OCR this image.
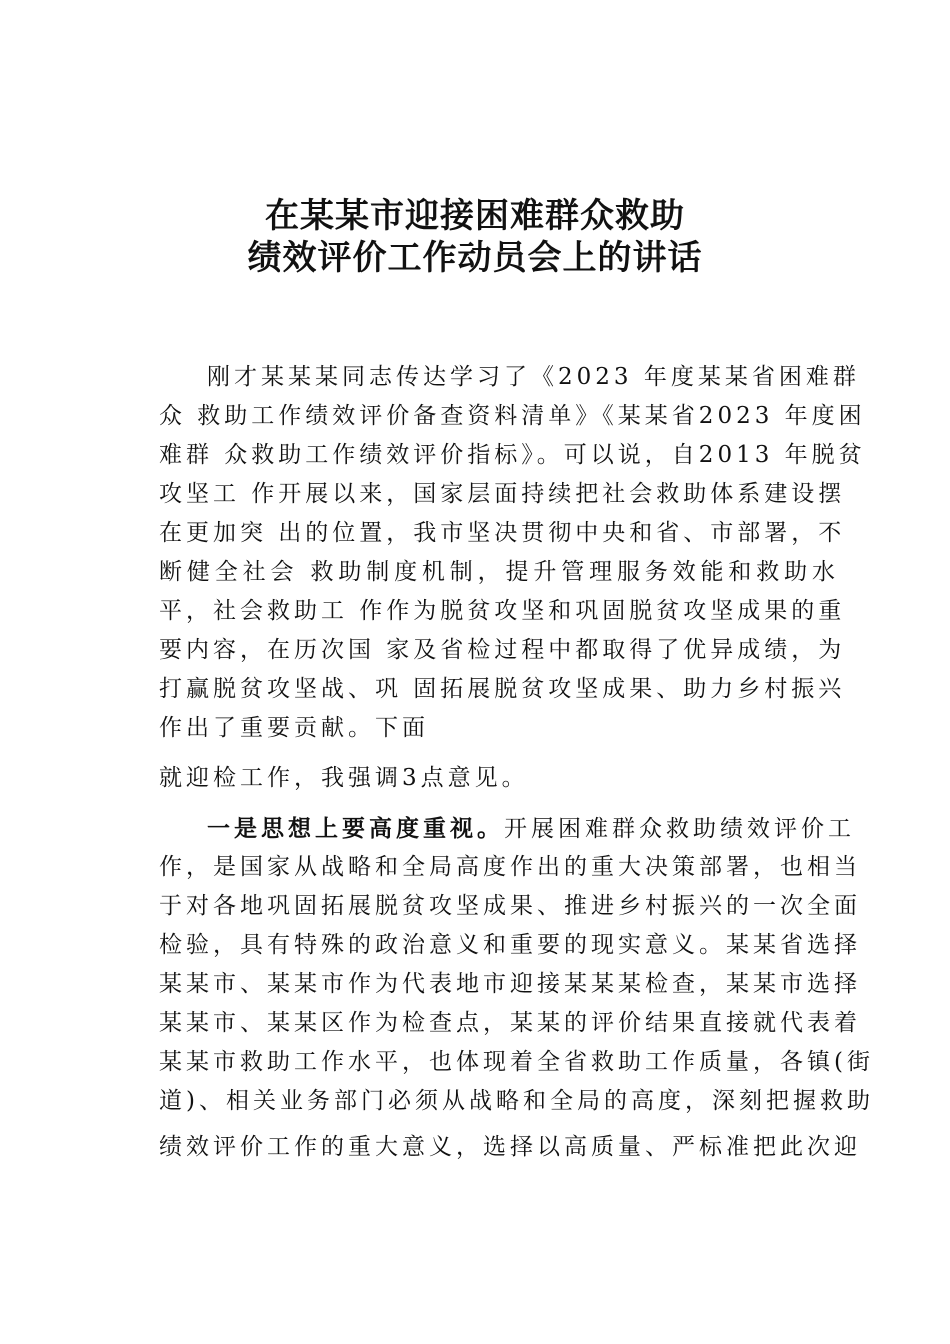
在某某市迎接困难群众救助
绩效评价工作动员会上的讲话
刚才某某某同志传达学习了《2023 年度某某省困难群
众 救助工作绩效评价备查资料清单》《某某省2023 年度困
难群 众救助工作绩效评价指标》。可以说，自2013 年脱贫
攻坚工 作开展以来，国家层面持续把社会救助体系建设摆
在更加突 出的位置，我市坚决贯彻中央和省、市部署，不
断健全社会 救助制度机制，提升管理服务效能和救助水
平，社会救助工 作作为脱贫攻坚和巩固脱贫攻坚成果的重
要内容，在历次国 家及省检过程中都取得了优异成绩，为
打赢脱贫攻坚战、巩 固拓展脱贫攻坚成果、助力乡村振兴
作出了重要贡献。下面
就迎检工作，我强调3点意见。
一是思想上要高度重视。开展困难群众救助绩效评价工
作，是国家从战略和全局高度作出的重大决策部署，也相当
于对各地巩固拓展脱贫攻坚成果、推进乡村振兴的一次全面
检验，具有特殊的政治意义和重要的现实意义。某某省选择
某某市、某某市作为代表地市迎接某某某检查，某某市选择
某某市、某某区作为检查点，某某的评价结果直接就代表着
某某市救助工作水平，也体现着全省救助工作质量，各镇(街
道)、相关业务部门必须从战略和全局的高度，深刻把握救助
绩效评价工作的重大意义，选择以高质量、严标准把此次迎
